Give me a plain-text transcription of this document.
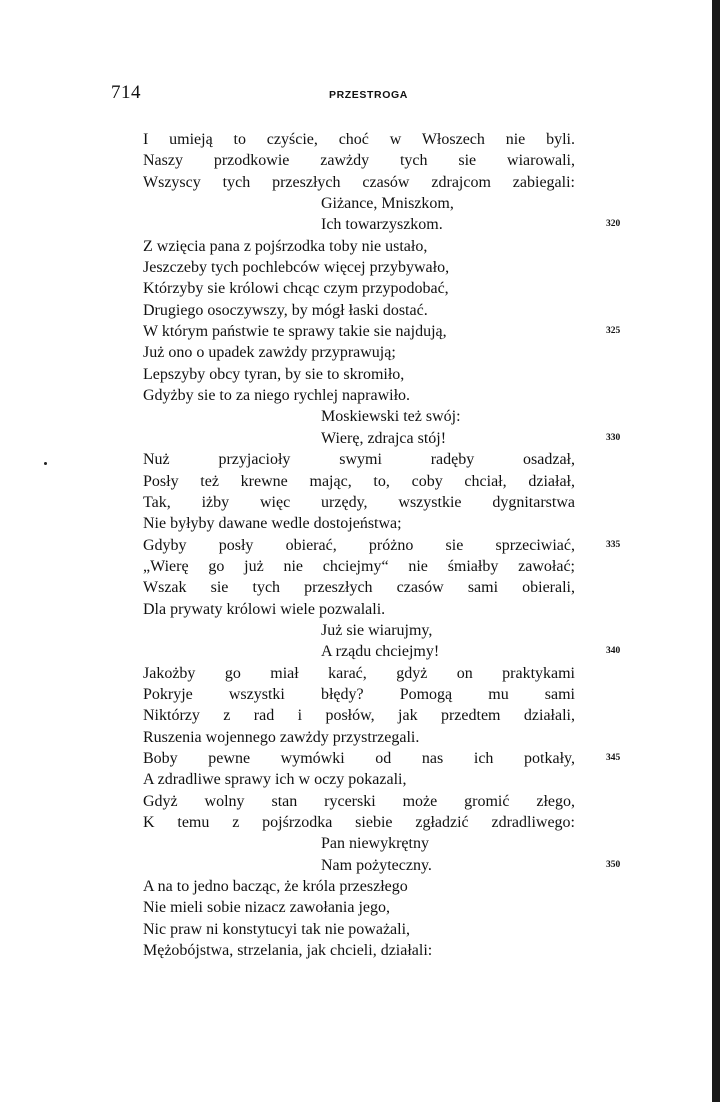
714	PRZESTROGA
I umieją to czyście, choć w Włoszech nie byli.
Naszy przodkowie zawżdy tych sie wiarowali,
Wszyscy tych przeszłych czasów zdrajcom zabiegali:
Giżance, Mniszkom,
Ich towarzyszkom.	320
Z wzięcia pana z pojśrzodka toby nie ustało,
Jeszczeby tych pochlebców więcej przybywało,
Którzyby sie królowi chcąc czym przypodobać,
Drugiego osoczywszy, by mógł łaski dostać.
W którym państwie te sprawy takie sie najdują,	325
Już ono o upadek zawżdy przyprawują;
Lepszyby obcy tyran, by sie to skromiło,
Gdyżby sie to za niego rychlej naprawiło.
Moskiewski też swój:
Wierę, zdrajca stój!	330
Nuż przyjacioły swymi radęby osadzał,
Posły też krewne mając, to, coby chciał, działał,
Tak, iżby więc urzędy, wszystkie dygnitarstwa
Nie byłyby dawane wedle dostojeństwa;
Gdyby posły obierać, próżno sie sprzeciwiać,	335
„Wierę go już nie chciejmy“ nie śmiałby zawołać;
Wszak sie tych przeszłych czasów sami obierali,
Dla prywaty królowi wiele pozwalali.
Już sie wiarujmy,
A rządu chciejmy!	340
Jakożby go miał karać, gdyż on praktykami
Pokryje wszystki błędy? Pomogą mu sami
Niktórzy z rad i posłów, jak przedtem działali,
Ruszenia wojennego zawżdy przystrzegali.
Boby pewne wymówki od nas ich potkały,	345
A zdradliwe sprawy ich w oczy pokazali,
Gdyż wolny stan rycerski może gromić złego,
K temu z pojśrzodka siebie zgładzić zdradliwego:
Pan niewykrętny
Nam pożyteczny.	350
A na to jedno bacząc, że króla przeszłego
Nie mieli sobie nizacz zawołania jego,
Nic praw ni konstytucyi tak nie poważali,
Mężobójstwa, strzelania, jak chcieli, działali:
